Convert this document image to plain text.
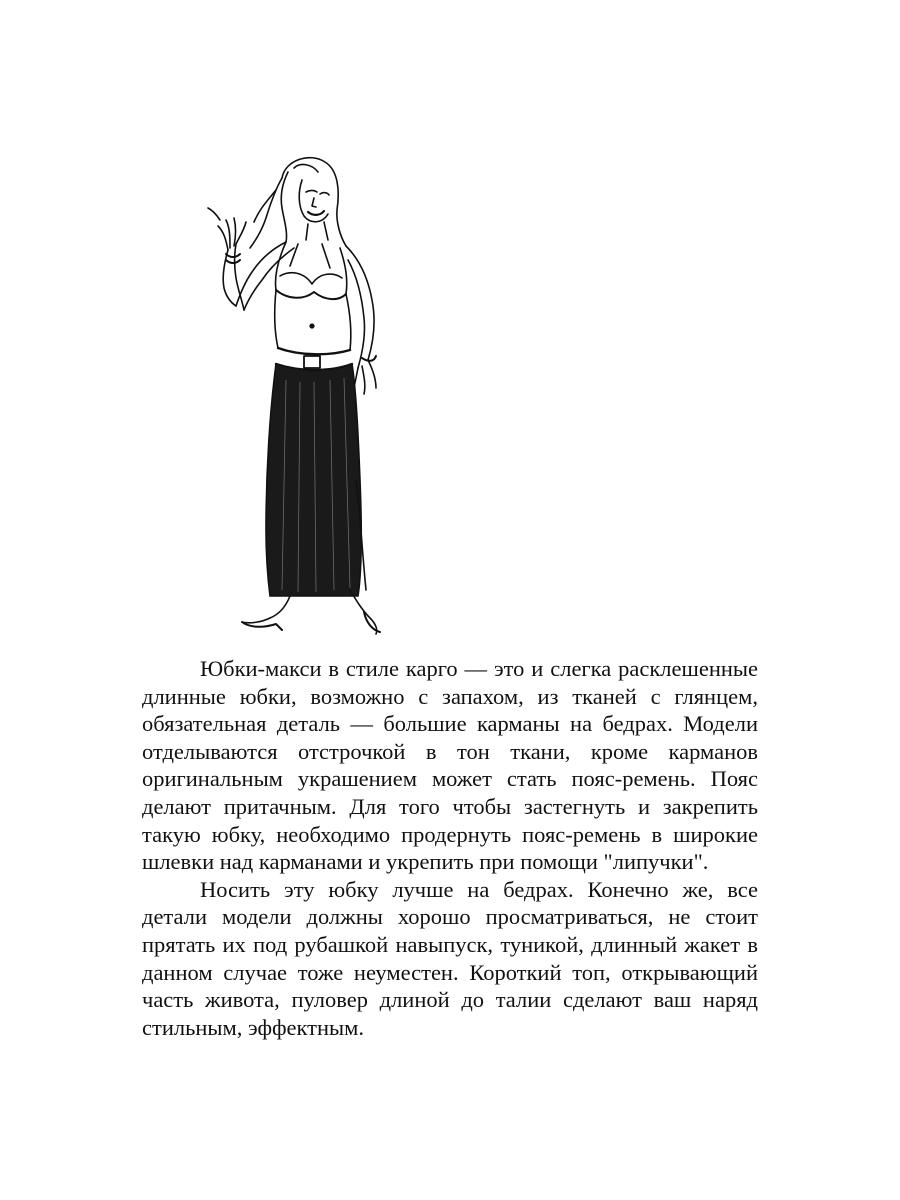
Юбки-макси в стиле карго — это и слегка расклешенные длинные юбки, возможно с запахом, из тканей с глянцем, обязательная деталь — большие карманы на бедрах. Модели отделываются отстрочкой в тон ткани, кроме карманов оригинальным украшением может стать пояс-ремень. Пояс делают притачным. Для того чтобы застегнуть и закрепить такую юбку, необходимо продернуть пояс-ремень в широкие шлевки над карманами и укрепить при помощи "липучки".

Носить эту юбку лучше на бедрах. Конечно же, все детали модели должны хорошо просматриваться, не стоит прятать их под рубашкой навыпуск, туникой, длинный жакет в данном случае тоже неуместен. Короткий топ, открывающий часть живота, пуловер длиной до талии сделают ваш наряд стильным, эффектным.
